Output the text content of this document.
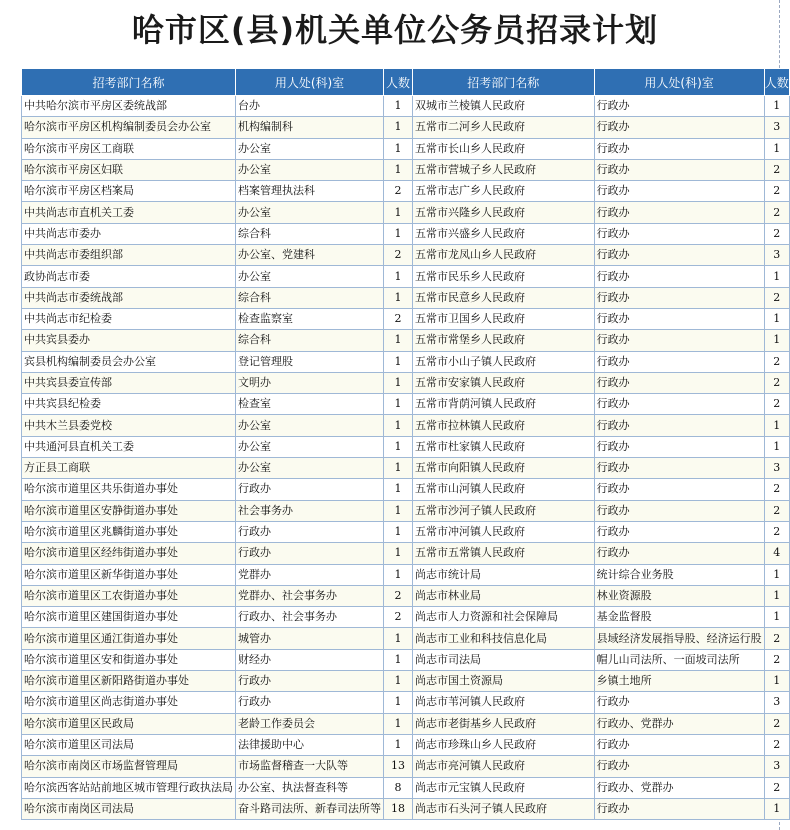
哈市区(县)机关单位公务员招录计划
招考部门名称	用人处(科)室	人数	招考部门名称	用人处(科)室	人数
中共哈尔滨市平房区委统战部	台办	1	双城市兰棱镇人民政府	行政办	1
哈尔滨市平房区机构编制委员会办公室	机构编制科	1	五常市二河乡人民政府	行政办	3
哈尔滨市平房区工商联	办公室	1	五常市长山乡人民政府	行政办	1
哈尔滨市平房区妇联	办公室	1	五常市营城子乡人民政府	行政办	2
哈尔滨市平房区档案局	档案管理执法科	2	五常市志广乡人民政府	行政办	2
中共尚志市直机关工委	办公室	1	五常市兴隆乡人民政府	行政办	2
中共尚志市委办	综合科	1	五常市兴盛乡人民政府	行政办	2
中共尚志市委组织部	办公室、党建科	2	五常市龙凤山乡人民政府	行政办	3
政协尚志市委	办公室	1	五常市民乐乡人民政府	行政办	1
中共尚志市委统战部	综合科	1	五常市民意乡人民政府	行政办	2
中共尚志市纪检委	检查监察室	2	五常市卫国乡人民政府	行政办	1
中共宾县委办	综合科	1	五常市常堡乡人民政府	行政办	1
宾县机构编制委员会办公室	登记管理股	1	五常市小山子镇人民政府	行政办	2
中共宾县委宣传部	文明办	1	五常市安家镇人民政府	行政办	2
中共宾县纪检委	检查室	1	五常市背荫河镇人民政府	行政办	2
中共木兰县委党校	办公室	1	五常市拉林镇人民政府	行政办	1
中共通河县直机关工委	办公室	1	五常市杜家镇人民政府	行政办	1
方正县工商联	办公室	1	五常市向阳镇人民政府	行政办	3
哈尔滨市道里区共乐街道办事处	行政办	1	五常市山河镇人民政府	行政办	2
哈尔滨市道里区安静街道办事处	社会事务办	1	五常市沙河子镇人民政府	行政办	2
哈尔滨市道里区兆麟街道办事处	行政办	1	五常市冲河镇人民政府	行政办	2
哈尔滨市道里区经纬街道办事处	行政办	1	五常市五常镇人民政府	行政办	4
哈尔滨市道里区新华街道办事处	党群办	1	尚志市统计局	统计综合业务股	1
哈尔滨市道里区工农街道办事处	党群办、社会事务办	2	尚志市林业局	林业资源股	1
哈尔滨市道里区建国街道办事处	行政办、社会事务办	2	尚志市人力资源和社会保障局	基金监督股	1
哈尔滨市道里区通江街道办事处	城管办	1	尚志市工业和科技信息化局	县域经济发展指导股、经济运行股	2
哈尔滨市道里区安和街道办事处	财经办	1	尚志市司法局	帽儿山司法所、一面坡司法所	2
哈尔滨市道里区新阳路街道办事处	行政办	1	尚志市国土资源局	乡镇土地所	1
哈尔滨市道里区尚志街道办事处	行政办	1	尚志市苇河镇人民政府	行政办	3
哈尔滨市道里区民政局	老龄工作委员会	1	尚志市老街基乡人民政府	行政办、党群办	2
哈尔滨市道里区司法局	法律援助中心	1	尚志市珍珠山乡人民政府	行政办	2
哈尔滨市南岗区市场监督管理局	市场监督稽查一大队等	13	尚志市亮河镇人民政府	行政办	3
哈尔滨西客站站前地区城市管理行政执法局	办公室、执法督查科等	8	尚志市元宝镇人民政府	行政办、党群办	2
哈尔滨市南岗区司法局	奋斗路司法所、新春司法所等	18	尚志市石头河子镇人民政府	行政办	1
